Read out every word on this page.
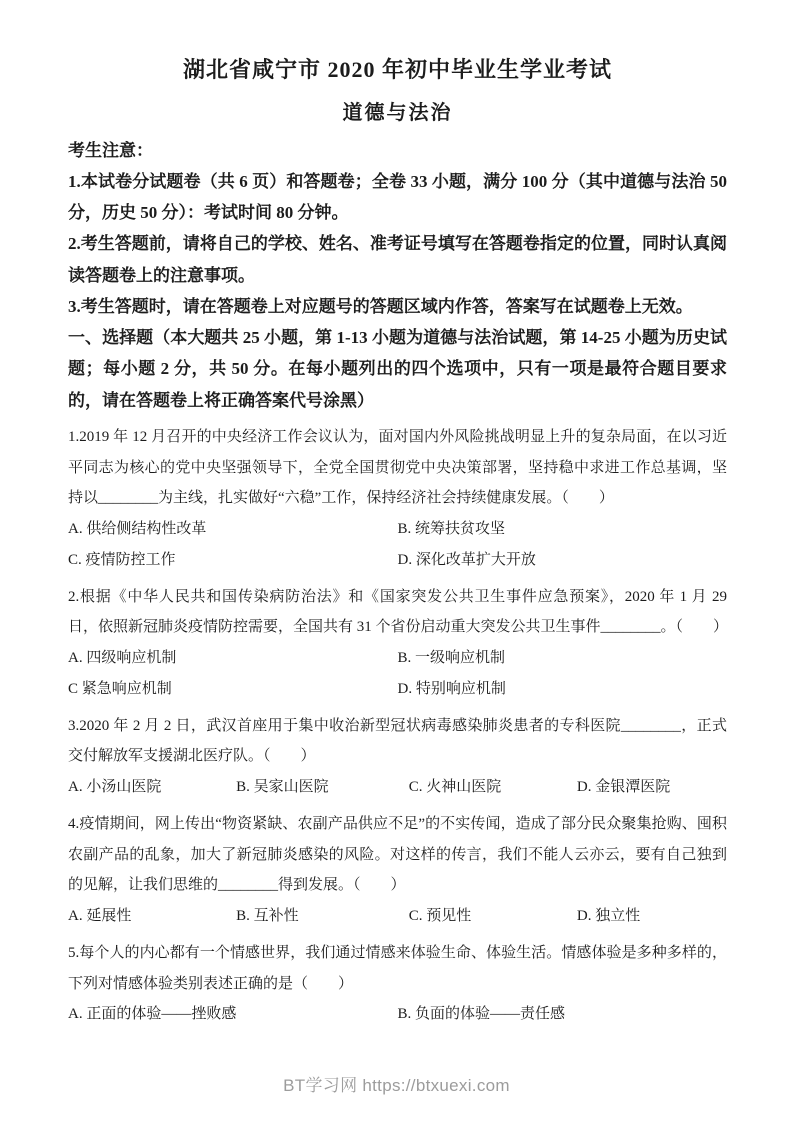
湖北省咸宁市 2020 年初中毕业生学业考试
道德与法治

考生注意：

1.本试卷分试题卷（共 6 页）和答题卷；全卷 33 小题，满分 100 分（其中道德与法治 50 分，历史 50 分）：考试时间 80 分钟。

2.考生答题前，请将自己的学校、姓名、准考证号填写在答题卷指定的位置，同时认真阅读答题卷上的注意事项。

3.考生答题时，请在答题卷上对应题号的答题区域内作答，答案写在试题卷上无效。

一、选择题（本大题共 25 小题，第 1-13 小题为道德与法治试题，第 14-25 小题为历史试题；每小题 2 分，共 50 分。在每小题列出的四个选项中，只有一项是最符合题目要求的，请在答题卷上将正确答案代号涂黑）

1.2019 年 12 月召开的中央经济工作会议认为，面对国内外风险挑战明显上升的复杂局面，在以习近平同志为核心的党中央坚强领导下，全党全国贯彻党中央决策部署，坚持稳中求进工作总基调，坚持以________为主线，扎实做好“六稳”工作，保持经济社会持续健康发展。（　　）

A. 供给侧结构性改革	B. 统筹扶贫攻坚
C. 疫情防控工作	D. 深化改革扩大开放

2.根据《中华人民共和国传染病防治法》和《国家突发公共卫生事件应急预案》，2020 年 1 月 29 日，依照新冠肺炎疫情防控需要，全国共有 31 个省份启动重大突发公共卫生事件________。（　　）

A. 四级响应机制	B. 一级响应机制
C 紧急响应机制	D. 特别响应机制

3.2020 年 2 月 2 日，武汉首座用于集中收治新型冠状病毒感染肺炎患者的专科医院________，正式交付解放军支援湖北医疗队。（　　）

A. 小汤山医院	B. 吴家山医院	C. 火神山医院	D. 金银潭医院

4.疫情期间，网上传出“物资紧缺、农副产品供应不足”的不实传闻，造成了部分民众聚集抢购、囤积农副产品的乱象，加大了新冠肺炎感染的风险。对这样的传言，我们不能人云亦云，要有自己独到的见解，让我们思维的________得到发展。（　　）

A. 延展性	B. 互补性	C. 预见性	D. 独立性

5.每个人的内心都有一个情感世界，我们通过情感来体验生命、体验生活。情感体验是多种多样的，下列对情感体验类别表述正确的是（　　）

A. 正面的体验——挫败感	B. 负面的体验——责任感
BT学习网 https://btxuexi.com
